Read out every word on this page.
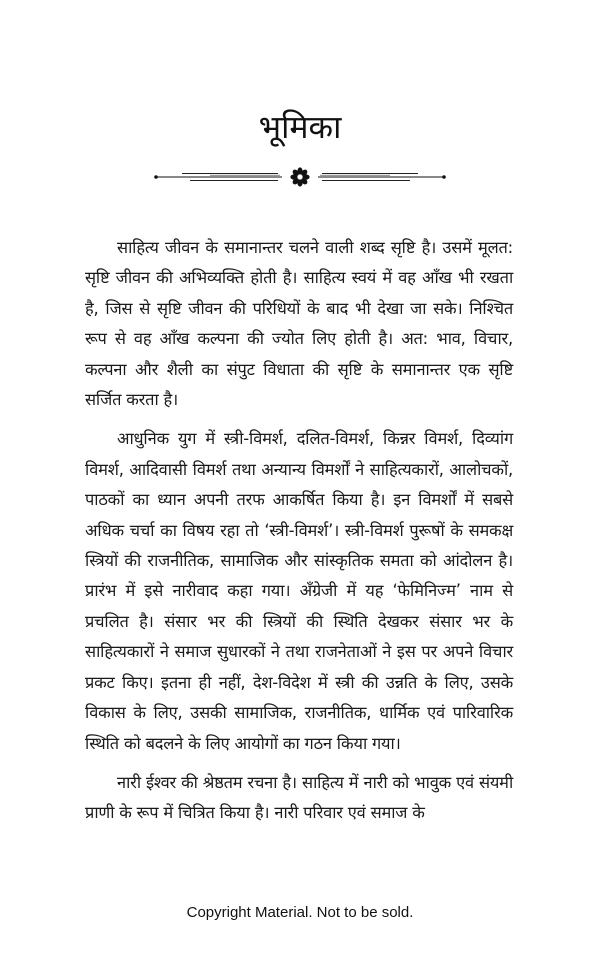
भूमिका

साहित्य जीवन के समानान्तर चलने वाली शब्द सृष्टि है। उसमें मूलत: सृष्टि जीवन की अभिव्यक्ति होती है। साहित्य स्वयं में वह आँख भी रखता है, जिस से सृष्टि जीवन की परिधियों के बाद भी देखा जा सके। निश्चित रूप से वह आँख कल्पना की ज्योत लिए होती है। अत: भाव, विचार, कल्पना और शैली का संपुट विधाता की सृष्टि के समानान्तर एक सृष्टि सर्जित करता है।

आधुनिक युग में स्त्री-विमर्श, दलित-विमर्श, किन्नर विमर्श, दिव्यांग विमर्श, आदिवासी विमर्श तथा अन्यान्य विमर्शों ने साहित्यकारों, आलोचकों, पाठकों का ध्यान अपनी तरफ आकर्षित किया है। इन विमर्शों में सबसे अधिक चर्चा का विषय रहा तो ‘स्त्री-विमर्श’। स्त्री-विमर्श पुरूषों के समकक्ष स्त्रियों की राजनीतिक, सामाजिक और सांस्कृतिक समता को आंदोलन है। प्रारंभ में इसे नारीवाद कहा गया। अँग्रेजी में यह ‘फेमिनिज्म’ नाम से प्रचलित है। संसार भर की स्त्रियों की स्थिति देखकर संसार भर के साहित्यकारों ने समाज सुधारकों ने तथा राजनेताओं ने इस पर अपने विचार प्रकट किए। इतना ही नहीं, देश-विदेश में स्त्री की उन्नति के लिए, उसके विकास के लिए, उसकी सामाजिक, राजनीतिक, धार्मिक एवं पारिवारिक स्थिति को बदलने के लिए आयोगों का गठन किया गया।

नारी ईश्वर की श्रेष्ठतम रचना है। साहित्य में नारी को भावुक एवं संयमी प्राणी के रूप में चित्रित किया है। नारी परिवार एवं समाज के

Copyright Material. Not to be sold.
